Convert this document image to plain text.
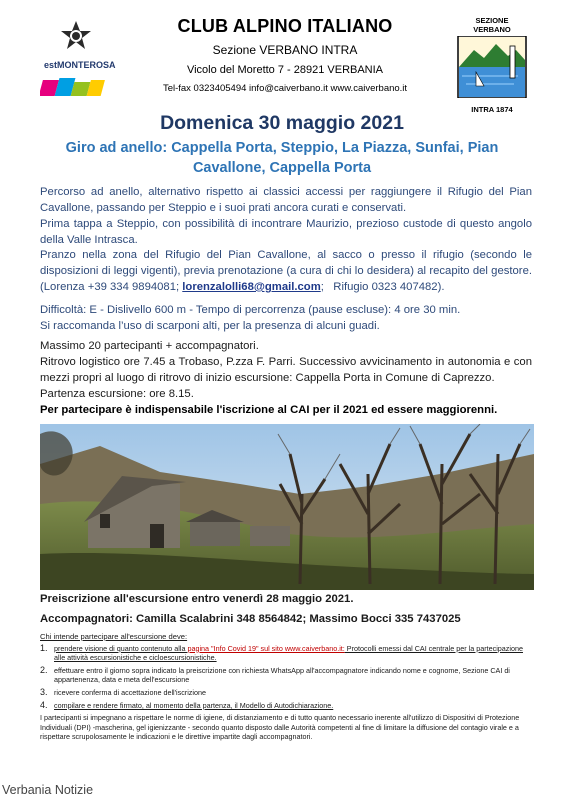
estMONTEROSA
CLUB ALPINO ITALIANO
Sezione VERBANO INTRA
Vicolo del Moretto 7 - 28921 VERBANIA
Tel-fax 0323405494 info@caiverbano.it www.caiverbano.it
SEZIONE VERBANO
INTRA 1874
Domenica 30 maggio 2021
Giro ad anello: Cappella Porta, Steppio, La Piazza, Sunfai, Pian Cavallone, Cappella Porta
Percorso ad anello, alternativo rispetto ai classici accessi per raggiungere il Rifugio del Pian Cavallone, passando per Steppio e i suoi prati ancora curati e conservati.
Prima tappa a Steppio, con possibilità di incontrare Maurizio, prezioso custode di questo angolo della Valle Intrasca.
Pranzo nella zona del Rifugio del Pian Cavallone, al sacco o presso il rifugio (secondo le disposizioni di leggi vigenti), previa prenotazione (a cura di chi lo desidera) al recapito del gestore.       (Lorenza +39 334 9894081; lorenzalolli68@gmail.com;   Rifugio 0323 407482).
Difficoltà: E - Dislivello 600 m - Tempo di percorrenza (pause escluse): 4 ore 30 min.
Si raccomanda l’uso di scarponi alti, per la presenza di alcuni guadi.
Massimo 20 partecipanti + accompagnatori.
Ritrovo logistico ore 7.45 a Trobaso, P.zza F. Parri. Successivo avvicinamento in autonomia e con mezzi propri al luogo di ritrovo di inizio escursione: Cappella Porta in Comune di Caprezzo.
Partenza escursione: ore 8.15.
Per partecipare è indispensabile l'iscrizione al CAI per il 2021 ed essere maggiorenni.
Preiscrizione all'escursione entro venerdì 28 maggio 2021.
Accompagnatori: Camilla Scalabrini 348 8564842; Massimo Bocci 335 7437025
Chi intende partecipare all'escursione deve:
1. prendere visione di quanto contenuto alla pagina "Info Covid 19" sul sito www.caiverbano.it: Protocolli emessi dal CAI centrale per la partecipazione alle attività escursionistiche e cicloescursionistiche.
2. effettuare entro il giorno sopra indicato la preiscrizione con richiesta WhatsApp all'accompagnatore indicando nome e cognome, Sezione CAI di appartenenza, data e meta dell'escursione
3. ricevere conferma di accettazione dell'iscrizione
4. compilare e rendere firmato, al momento della partenza, il Modello di Autodichiarazione.
I partecipanti si impegnano a rispettare le norme di igiene, di distanziamento e di tutto quanto necessario inerente all'utilizzo di Dispositivi di Protezione Individuali (DPI) -mascherina, gel igienizzante - secondo quanto disposto dalle Autorità competenti al fine di limitare la diffusione del contagio virale e a rispettare scrupolosamente le indicazioni e le direttive impartite dagli accompagnatori.
Verbania Notizie
